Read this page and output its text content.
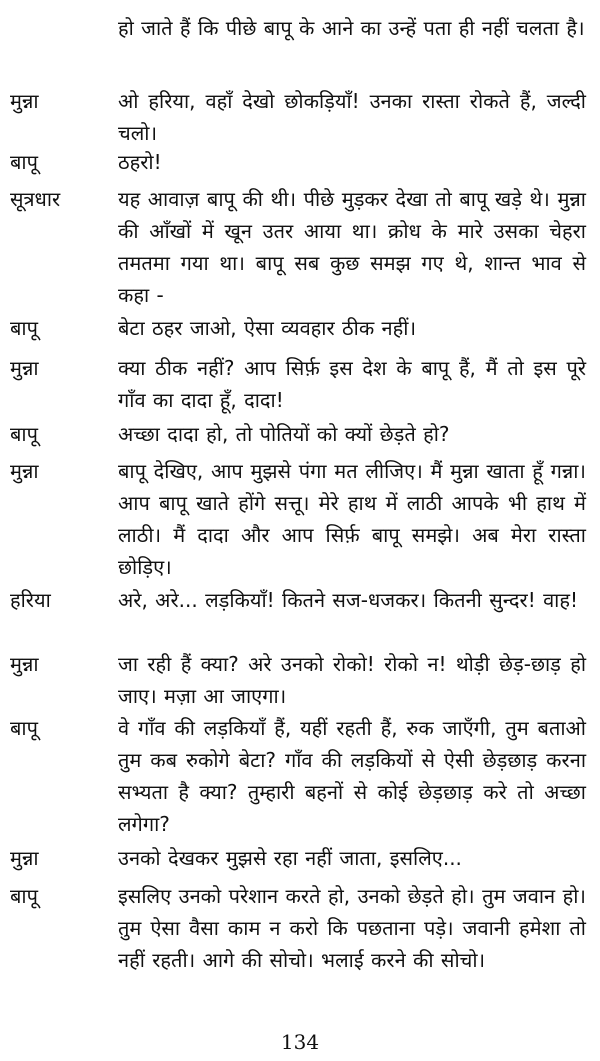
हो जाते हैं कि पीछे बापू के आने का उन्हें पता ही नहीं चलता है।
मुन्ना	ओ हरिया, वहाँ देखो छोकड़ियाँ! उनका रास्ता रोकते हैं, जल्दी चलो।
बापू	ठहरो!
सूत्रधार	यह आवाज़ बापू की थी। पीछे मुड़कर देखा तो बापू खड़े थे। मुन्ना की आँखों में खून उतर आया था। क्रोध के मारे उसका चेहरा तमतमा गया था। बापू सब कुछ समझ गए थे, शान्त भाव से कहा -
बापू	बेटा ठहर जाओ, ऐसा व्यवहार ठीक नहीं।
मुन्ना	क्या ठीक नहीं? आप सिर्फ़ इस देश के बापू हैं, मैं तो इस पूरे गाँव का दादा हूँ, दादा!
बापू	अच्छा दादा हो, तो पोतियों को क्यों छेड़ते हो?
मुन्ना	बापू देखिए, आप मुझसे पंगा मत लीजिए। मैं मुन्ना खाता हूँ गन्ना। आप बापू खाते होंगे सत्तू। मेरे हाथ में लाठी आपके भी हाथ में लाठी। मैं दादा और आप सिर्फ़ बापू समझे। अब मेरा रास्ता छोड़िए।
हरिया	अरे, अरे... लड़कियाँ! कितने सज-धजकर। कितनी सुन्दर! वाह!
मुन्ना	जा रही हैं क्या? अरे उनको रोको! रोको न! थोड़ी छेड़-छाड़ हो जाए। मज़ा आ जाएगा।
बापू	वे गाँव की लड़कियाँ हैं, यहीं रहती हैं, रुक जाएँगी, तुम बताओ तुम कब रुकोगे बेटा? गाँव की लड़कियों से ऐसी छेड़छाड़ करना सभ्यता है क्या? तुम्हारी बहनों से कोई छेड़छाड़ करे तो अच्छा लगेगा?
मुन्ना	उनको देखकर मुझसे रहा नहीं जाता, इसलिए...
बापू	इसलिए उनको परेशान करते हो, उनको छेड़ते हो। तुम जवान हो। तुम ऐसा वैसा काम न करो कि पछताना पड़े। जवानी हमेशा तो नहीं रहती। आगे की सोचो। भलाई करने की सोचो।
134
